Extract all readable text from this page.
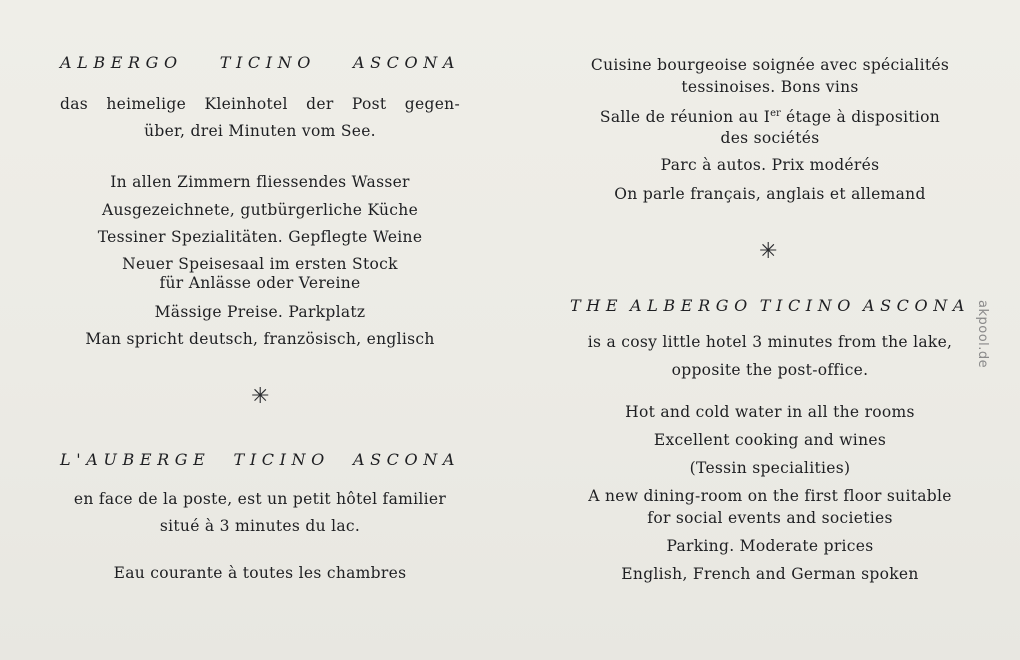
ALBERGO TICINO ASCONA
das heimelige Kleinhotel der Post gegen-
über, drei Minuten vom See.
In allen Zimmern fliessendes Wasser
Ausgezeichnete, gutbürgerliche Küche
Tessiner Spezialitäten. Gepflegte Weine
Neuer Speisesaal im ersten Stock
für Anlässe oder Vereine
Mässige Preise. Parkplatz
Man spricht deutsch, französisch, englisch
✳
L'AUBERGE TICINO ASCONA
en face de la poste, est un petit hôtel familier
situé à 3 minutes du lac.
Eau courante à toutes les chambres
Cuisine bourgeoise soignée avec spécialités
tessinoises. Bons vins
Salle de réunion au Ier étage à disposition
des sociétés
Parc à autos. Prix modérés
On parle français, anglais et allemand
✳
THE ALBERGO TICINO ASCONA
is a cosy little hotel 3 minutes from the lake,
opposite the post-office.
Hot and cold water in all the rooms
Excellent cooking and wines
(Tessin specialities)
A new dining-room on the first floor suitable
for social events and societies
Parking. Moderate prices
English, French and German spoken
akpool.de
